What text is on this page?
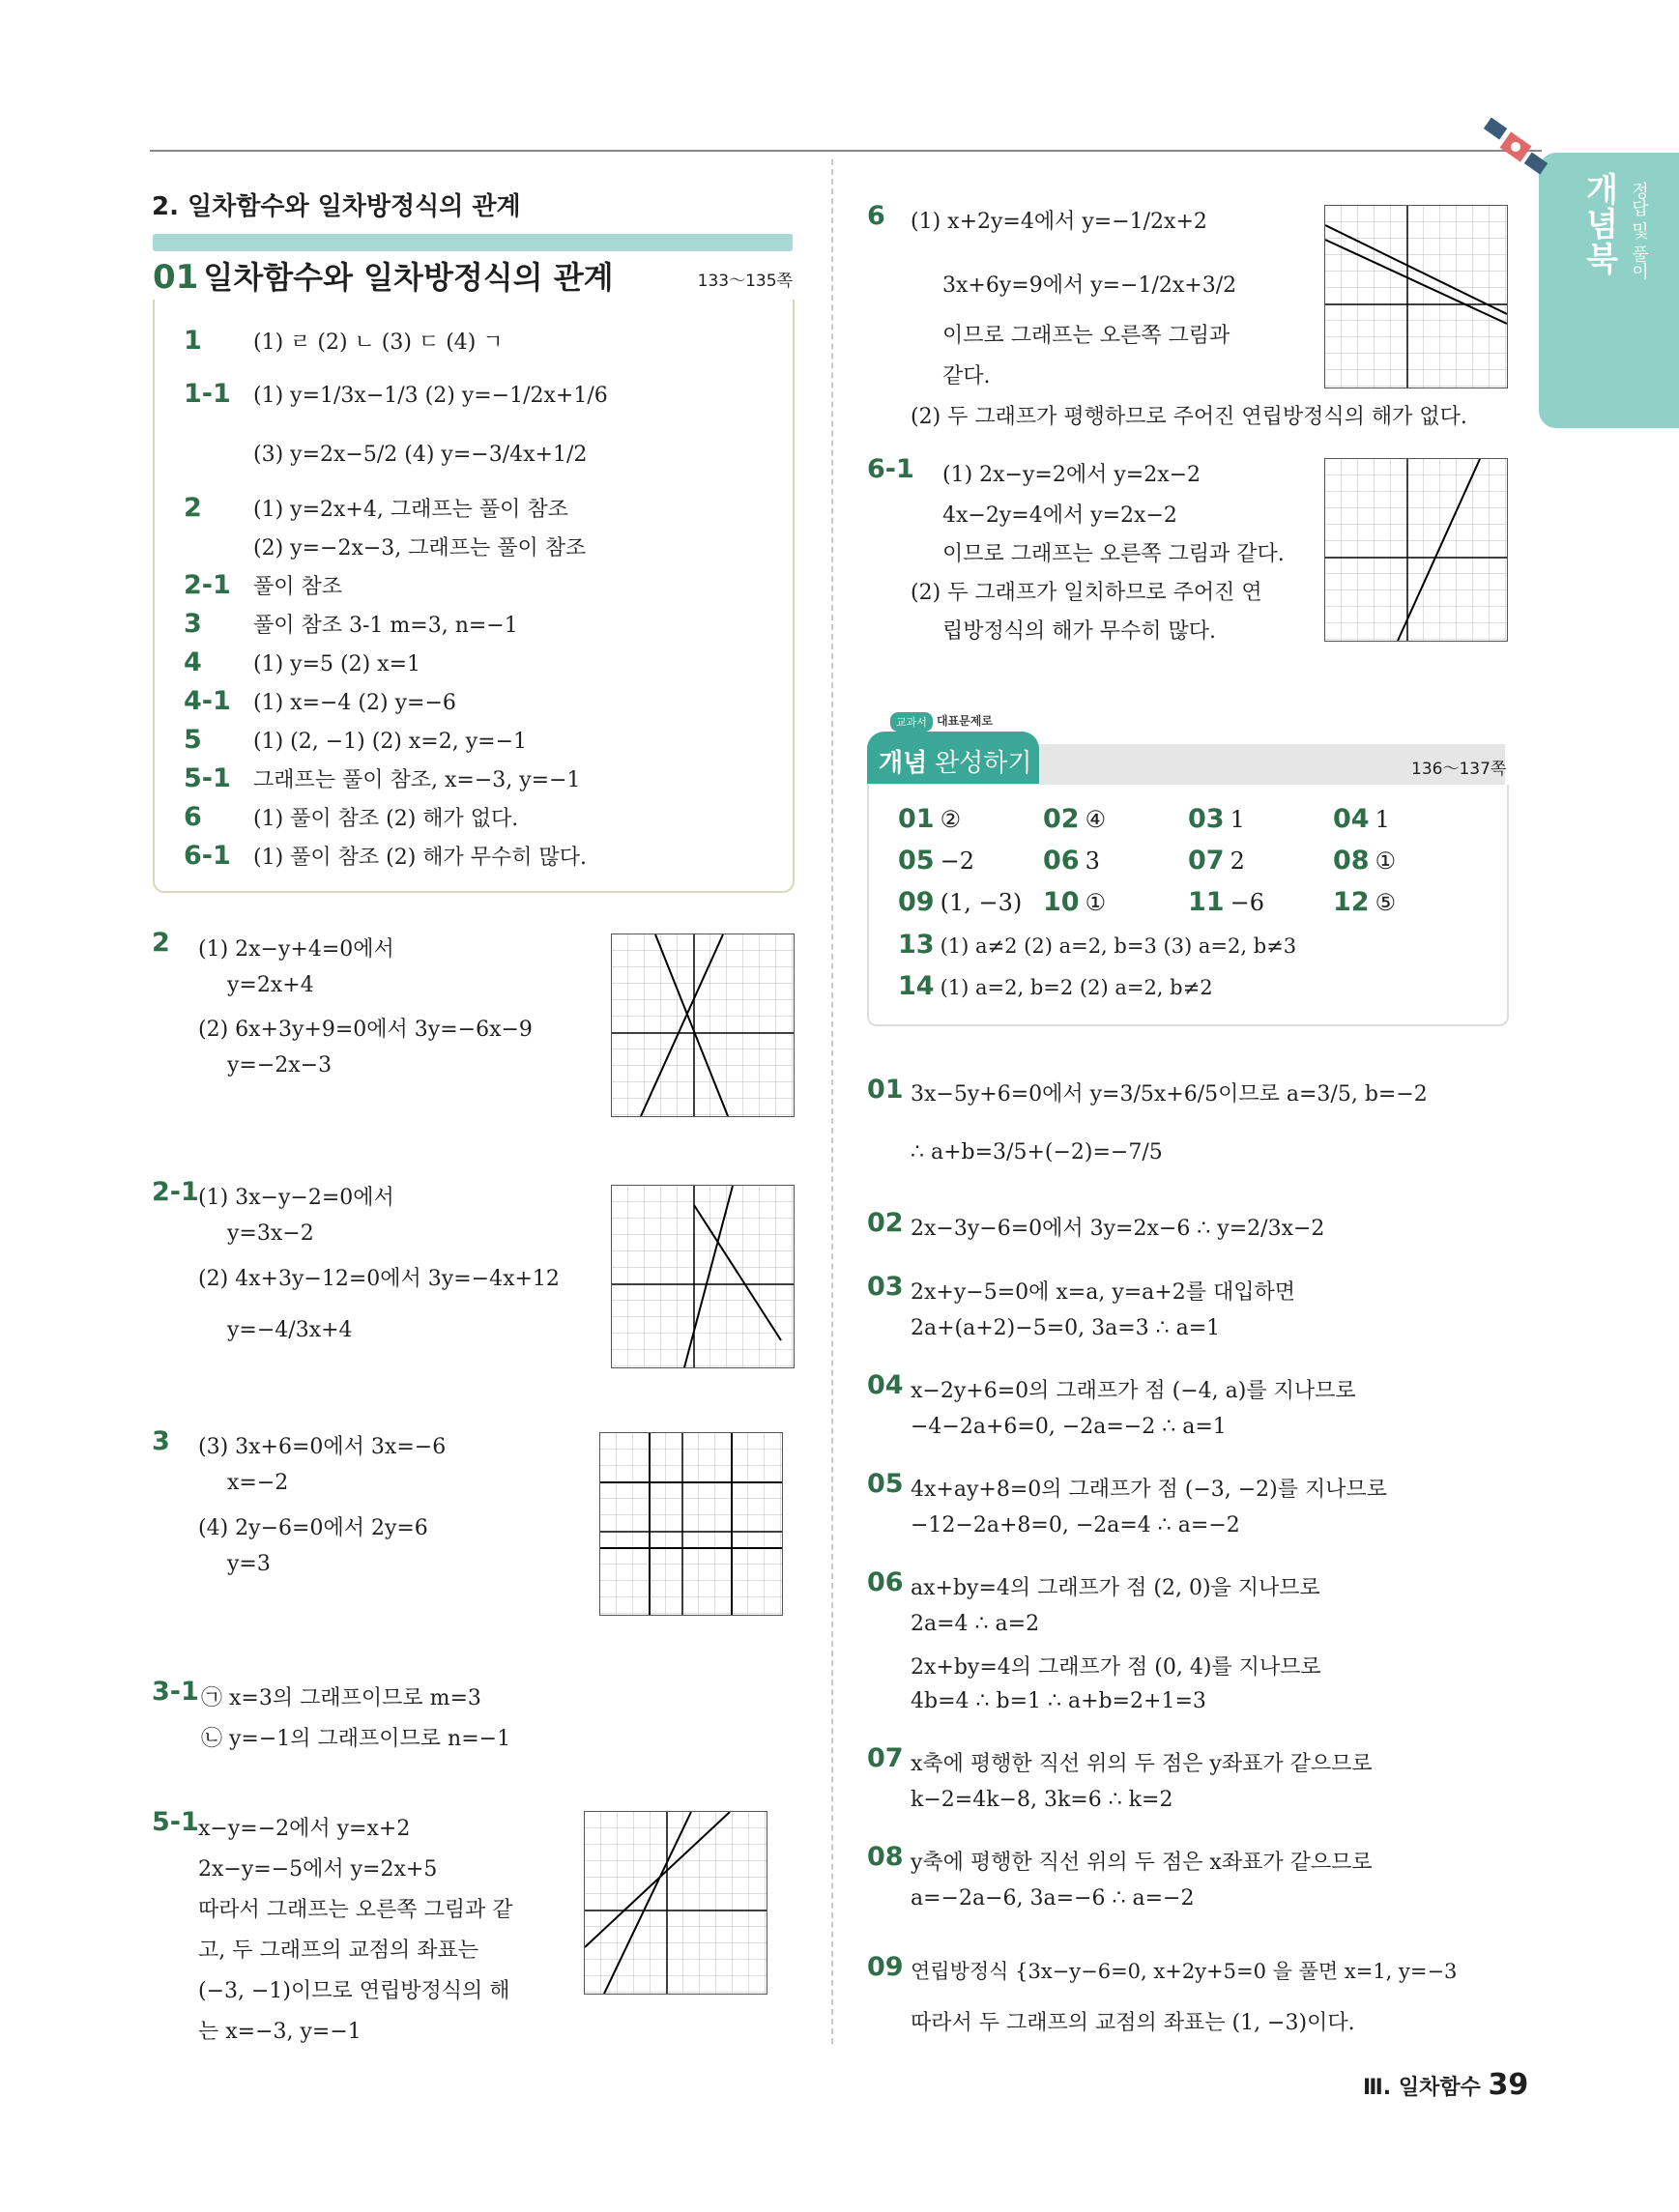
개념북 정답 및 풀이
2. 일차함수와 일차방정식의 관계
01 일차함수와 일차방정식의 관계	133～135쪽
1	(1) ㄹ (2) ㄴ (3) ㄷ (4) ㄱ
1-1	(1) y=1/3x−1/3 (2) y=−1/2x+1/6
(3) y=2x−5/2 (4) y=−3/4x+1/2
2	(1) y=2x+4, 그래프는 풀이 참조
(2) y=−2x−3, 그래프는 풀이 참조
2-1	풀이 참조
3	풀이 참조 3-1 m=3, n=−1
4	(1) y=5 (2) x=1
4-1	(1) x=−4 (2) y=−6
5	(1) (2, −1) (2) x=2, y=−1
5-1	그래프는 풀이 참조, x=−3, y=−1
6	(1) 풀이 참조 (2) 해가 없다.
6-1	(1) 풀이 참조 (2) 해가 무수히 많다.
2 (1) 2x−y+4=0에서
y=2x+4
(2) 6x+3y+9=0에서 3y=−6x−9
y=−2x−3
2-1 (1) 3x−y−2=0에서
y=3x−2
(2) 4x+3y−12=0에서 3y=−4x+12
y=−4/3x+4
3 (3) 3x+6=0에서 3x=−6
x=−2
(4) 2y−6=0에서 2y=6
y=3
3-1 ㉠ x=3의 그래프이므로 m=3
㉡ y=−1의 그래프이므로 n=−1
5-1 x−y=−2에서 y=x+2
2x−y=−5에서 y=2x+5
따라서 그래프는 오른쪽 그림과 같
고, 두 그래프의 교점의 좌표는
(−3, −1)이므로 연립방정식의 해
는 x=−3, y=−1
6 (1) x+2y=4에서 y=−1/2x+2
3x+6y=9에서 y=−1/2x+3/2
이므로 그래프는 오른쪽 그림과
같다.
(2) 두 그래프가 평행하므로 주어진 연립방정식의 해가 없다.
6-1 (1) 2x−y=2에서 y=2x−2
4x−2y=4에서 y=2x−2
이므로 그래프는 오른쪽 그림과 같다.
(2) 두 그래프가 일치하므로 주어진 연
립방정식의 해가 무수히 많다.
교과서 대표문제로
개념 완성하기	136～137쪽
01 ②	02 ④	03 1	04 1
05 −2	06 3	07 2	08 ①
09 (1, −3) 10 ①	11 −6	12 ⑤
13 (1) a≠2 (2) a=2, b=3 (3) a=2, b≠3
14 (1) a=2, b=2 (2) a=2, b≠2
01 3x−5y+6=0에서 y=3/5x+6/5이므로 a=3/5, b=−2
∴ a+b=3/5+(−2)=−7/5
02 2x−3y−6=0에서 3y=2x−6 ∴ y=2/3x−2
03 2x+y−5=0에 x=a, y=a+2를 대입하면
2a+(a+2)−5=0, 3a=3 ∴ a=1
04 x−2y+6=0의 그래프가 점 (−4, a)를 지나므로
−4−2a+6=0, −2a=−2 ∴ a=1
05 4x+ay+8=0의 그래프가 점 (−3, −2)를 지나므로
−12−2a+8=0, −2a=4 ∴ a=−2
06 ax+by=4의 그래프가 점 (2, 0)을 지나므로
2a=4 ∴ a=2
2x+by=4의 그래프가 점 (0, 4)를 지나므로
4b=4 ∴ b=1 ∴ a+b=2+1=3
07 x축에 평행한 직선 위의 두 점은 y좌표가 같으므로
k−2=4k−8, 3k=6 ∴ k=2
08 y축에 평행한 직선 위의 두 점은 x좌표가 같으므로
a=−2a−6, 3a=−6 ∴ a=−2
09 연립방정식 {3x−y−6=0, x+2y+5=0 을 풀면 x=1, y=−3
따라서 두 그래프의 교점의 좌표는 (1, −3)이다.
Ⅲ. 일차함수 39
